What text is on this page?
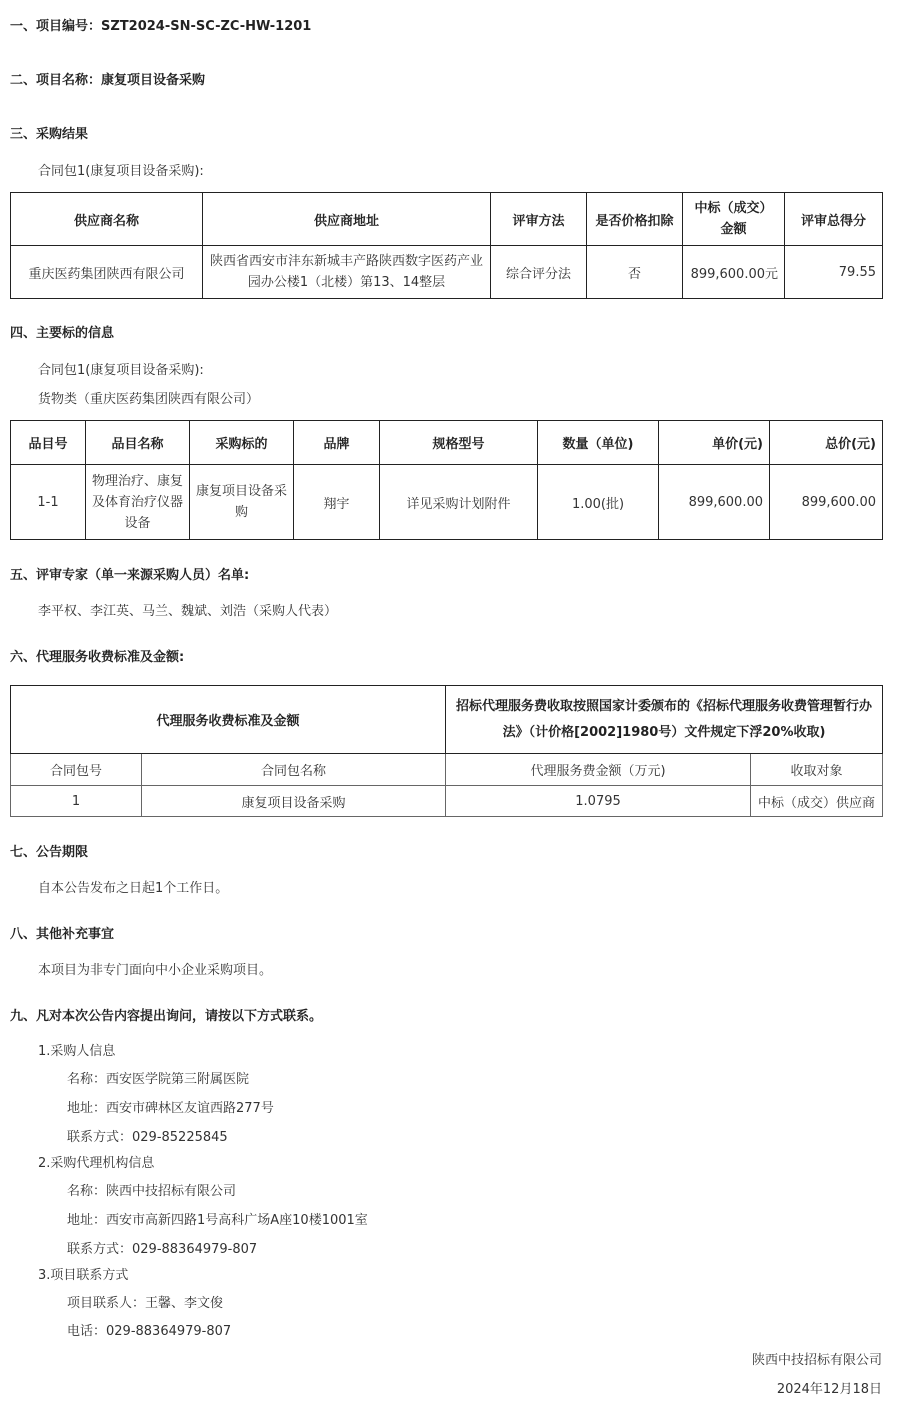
一、项目编号：SZT2024-SN-SC-ZC-HW-1201
二、项目名称：康复项目设备采购
三、采购结果
合同包1(康复项目设备采购):
供应商名称	供应商地址	评审方法	是否价格扣除	中标（成交）金额	评审总得分
重庆医药集团陕西有限公司	陕西省西安市沣东新城丰产路陕西数字医药产业园办公楼1（北楼）第13、14整层	综合评分法	否	899,600.00元	79.55
四、主要标的信息
合同包1(康复项目设备采购):
货物类（重庆医药集团陕西有限公司）
品目号	品目名称	采购标的	品牌	规格型号	数量（单位)	单价(元)	总价(元)
1-1	物理治疗、康复及体育治疗仪器设备	康复项目设备采购	翔宇	详见采购计划附件	1.00(批)	899,600.00	899,600.00
五、评审专家（单一来源采购人员）名单:
李平权、李江英、马兰、魏斌、刘浩（采购人代表）
六、代理服务收费标准及金额:
代理服务收费标准及金额		招标代理服务费收取按照国家计委颁布的《招标代理服务收费管理暂行办法》（计价格[2002]1980号）文件规定下浮20%收取)	
合同包号	合同包名称	代理服务费金额（万元)	收取对象
1	康复项目设备采购	1.0795	中标（成交）供应商
七、公告期限
自本公告发布之日起1个工作日。
八、其他补充事宜
本项目为非专门面向中小企业采购项目。
九、凡对本次公告内容提出询问，请按以下方式联系。
1.采购人信息
名称：西安医学院第三附属医院
地址：西安市碑林区友谊西路277号
联系方式：029-85225845
2.采购代理机构信息
名称：陕西中技招标有限公司
地址：西安市高新四路1号高科广场A座10楼1001室
联系方式：029-88364979-807
3.项目联系方式
项目联系人：王馨、李文俊
电话：029-88364979-807
陕西中技招标有限公司
2024年12月18日
